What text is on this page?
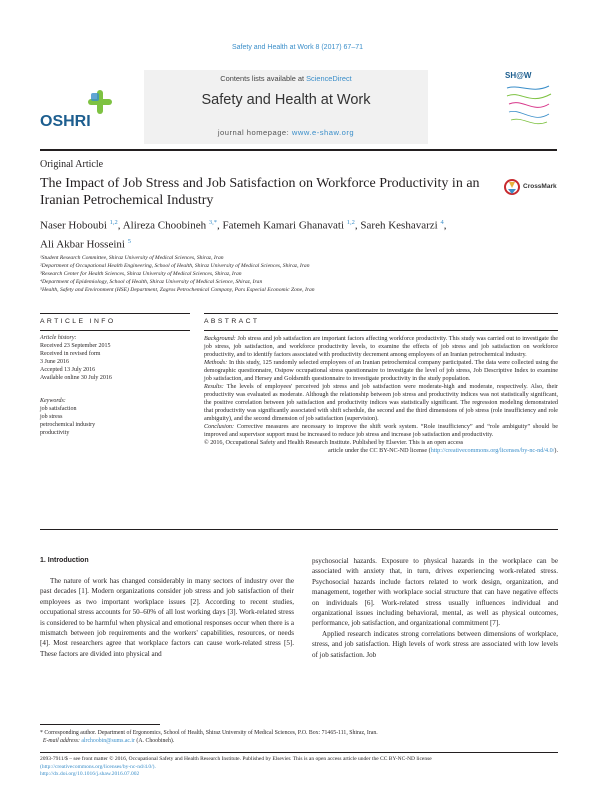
Safety and Health at Work 8 (2017) 67–71
OSHRI
Contents lists available at ScienceDirect
Safety and Health at Work
journal homepage: www.e-shaw.org
SH@W
Original Article
The Impact of Job Stress and Job Satisfaction on Workforce Productivity in an Iranian Petrochemical Industry
CrossMark
Naser Hoboubi $^{1,2}$, Alireza Choobineh $^{3,*}$, Fatemeh Kamari Ghanavati $^{1,2}$, Sareh Keshavarzi $^4$,
Ali Akbar Hosseini $^5$
¹Student Research Committee, Shiraz University of Medical Sciences, Shiraz, Iran
²Department of Occupational Health Engineering, School of Health, Shiraz University of Medical Sciences, Shiraz, Iran
³Research Center for Health Sciences, Shiraz University of Medical Sciences, Shiraz, Iran
⁴Department of Epidemiology, School of Health, Shiraz University of Medical Science, Shiraz, Iran
⁵Health, Safety and Environment (HSE) Department, Zagros Petrochemical Company, Pars Especial Economic Zone, Iran
ARTICLE INFO	ABSTRACT
Article history:
Received 23 September 2015
Received in revised form
3 June 2016
Accepted 13 July 2016
Available online 30 July 2016
Keywords:
job satisfaction
job stress
petrochemical industry
productivity

Background: Job stress and job satisfaction are important factors affecting workforce productivity. This study was carried out to investigate the job stress, job satisfaction, and workforce productivity levels, to examine the effects of job stress and job satisfaction on workforce productivity, and to identify factors associated with productivity decrement among employees of an Iranian petrochemical industry.

Methods: In this study, 125 randomly selected employees of an Iranian petrochemical company participated. The data were collected using the demographic questionnaire, Osipow occupational stress questionnaire to investigate the level of job stress, Job Descriptive Index to examine job satisfaction, and Hersey and Goldsmith questionnaire to investigate productivity in the study population.

Results: The levels of employees' perceived job stress and job satisfaction were moderate-high and moderate, respectively. Also, their productivity was evaluated as moderate. Although the relationship between job stress and productivity indices was not statistically significant, the positive correlation between job satisfaction and productivity indices was statistically significant. The regression modeling demonstrated that productivity was significantly associated with shift schedule, the second and the third dimensions of job stress (role insufficiency and role ambiguity), and the second dimension of job satisfaction (supervision).

Conclusion: Corrective measures are necessary to improve the shift work system. “Role insufficiency” and “role ambiguity” should be improved and supervisor support must be increased to reduce job stress and increase job satisfaction and productivity.

© 2016, Occupational Safety and Health Research Institute. Published by Elsevier. This is an open access

article under the CC BY-NC-ND license (http://creativecommons.org/licenses/by-nc-nd/4.0/).

1. Introduction

The nature of work has changed considerably in many sectors of industry over the past decades [1]. Modern organizations consider job stress and job satisfaction of their employees as two important workplace issues [2]. According to recent studies, occupational stress accounts for 50–60% of all lost working days [3]. Work-related stress is considered to be harmful when physical and emotional responses occur when there is a mismatch between job requirements and the workers' capabilities, resources, or needs [4]. Most researchers agree that workplace factors can cause work-related stress [5]. These factors are divided into physical and

psychosocial hazards. Exposure to physical hazards in the workplace can be associated with anxiety that, in turn, drives experiencing work-related stress. Psychosocial hazards include factors related to work design, organization, and management, together with workplace social structure that can have negative effects on individuals [6]. Work-related stress usually influences individual and organizational issues including behavioral, mental, as well as physical outcomes, performance, job satisfaction, and organizational commitment [7].

Applied research indicates strong correlations between dimensions of workplace, stress, and job satisfaction. High levels of work stress are associated with low levels of job satisfaction. Job

* Corresponding author. Department of Ergonomics, School of Health, Shiraz University of Medical Sciences, P.O. Box: 71465-111, Shiraz, Iran.
E-mail address: alrchoobin@sums.ac.ir (A. Choobineh).
2093-7911/$ – see front matter © 2016, Occupational Safety and Health Research Institute. Published by Elsevier. This is an open access article under the CC BY-NC-ND license
(http://creativecommons.org/licenses/by-nc-nd/4.0/).
http://dx.doi.org/10.1016/j.shaw.2016.07.002
